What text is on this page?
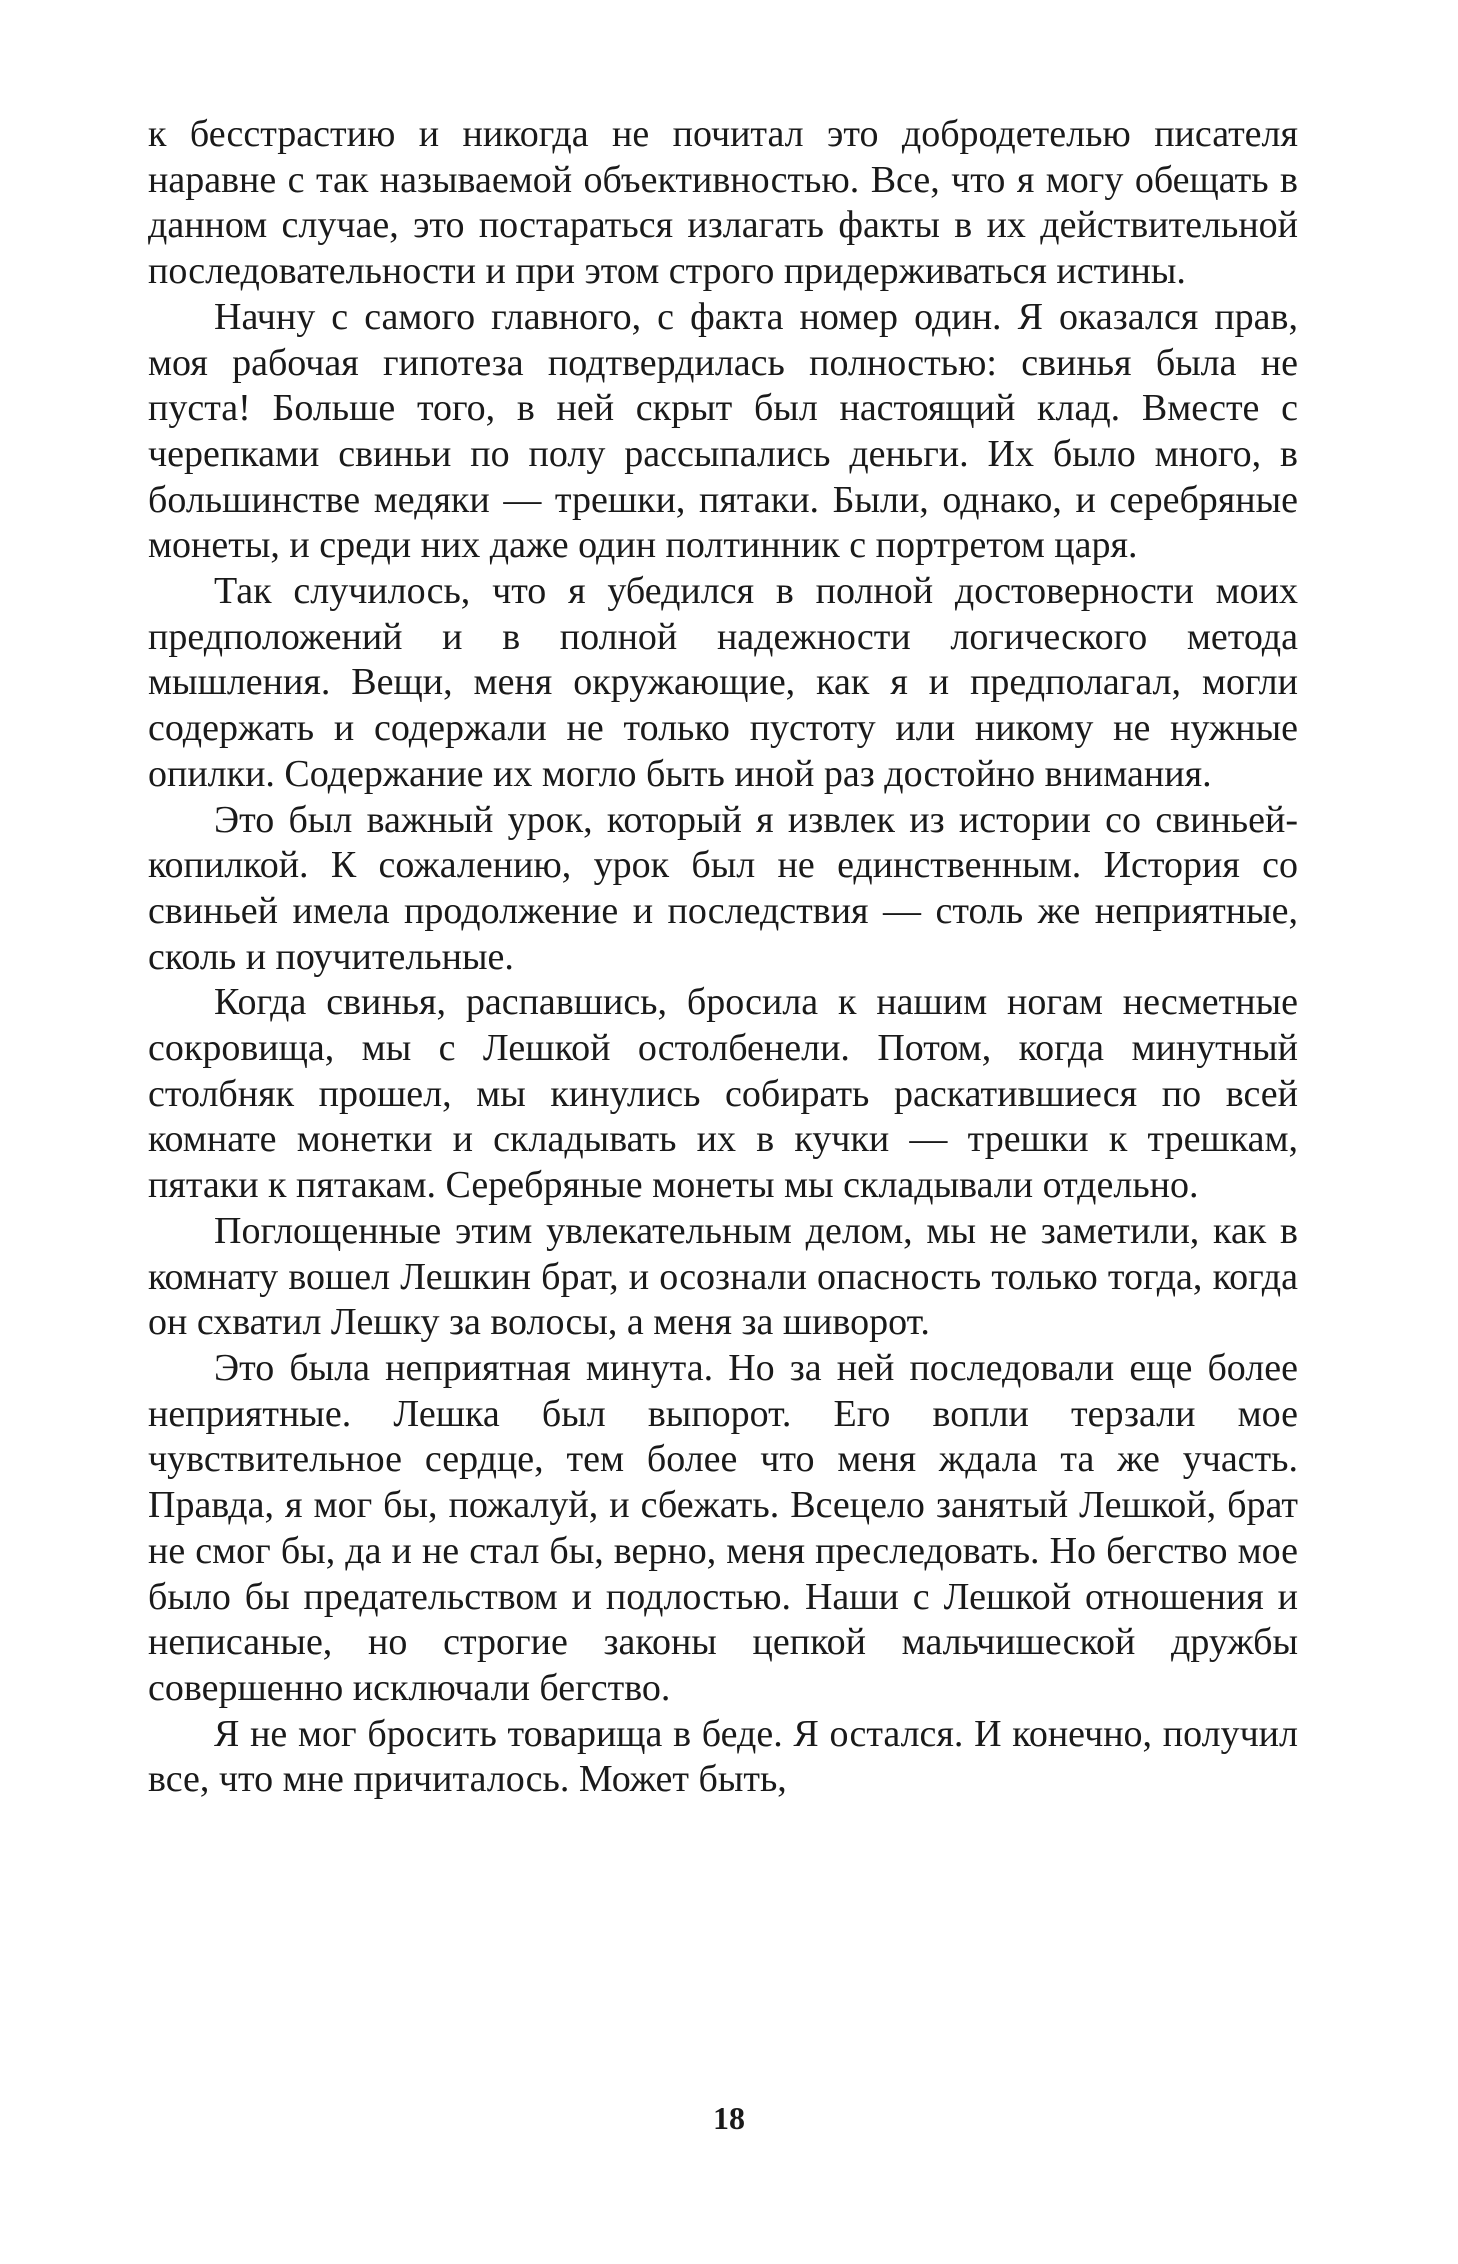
к бесстрастию и никогда не почитал это добродетелью писателя наравне с так называемой объективностью. Все, что я могу обещать в данном случае, это постараться излагать факты в их действительной последовательности и при этом строго придерживаться истины.

Начну с самого главного, с факта номер один. Я оказался прав, моя рабочая гипотеза подтвердилась полностью: свинья была не пуста! Больше того, в ней скрыт был настоящий клад. Вместе с черепками свиньи по полу рассыпались деньги. Их было много, в большинстве медяки — трешки, пятаки. Были, однако, и серебряные монеты, и среди них даже один полтинник с портретом царя.

Так случилось, что я убедился в полной достоверности моих предположений и в полной надежности логического метода мышления. Вещи, меня окружающие, как я и предполагал, могли содержать и содержали не только пустоту или никому не нужные опилки. Содержание их могло быть иной раз достойно внимания.

Это был важный урок, который я извлек из истории со свиньей-копилкой. К сожалению, урок был не единственным. История со свиньей имела продолжение и последствия — столь же неприятные, сколь и поучительные.

Когда свинья, распавшись, бросила к нашим ногам несметные сокровища, мы с Лешкой остолбенели. Потом, когда минутный столбняк прошел, мы кинулись собирать раскатившиеся по всей комнате монетки и складывать их в кучки — трешки к трешкам, пятаки к пятакам. Серебряные монеты мы складывали отдельно.

Поглощенные этим увлекательным делом, мы не заметили, как в комнату вошел Лешкин брат, и осознали опасность только тогда, когда он схватил Лешку за волосы, а меня за шиворот.

Это была неприятная минута. Но за ней последовали еще более неприятные. Лешка был выпорот. Его вопли терзали мое чувствительное сердце, тем более что меня ждала та же участь. Правда, я мог бы, пожалуй, и сбежать. Всецело занятый Лешкой, брат не смог бы, да и не стал бы, верно, меня преследовать. Но бегство мое было бы предательством и подлостью. Наши с Лешкой отношения и неписаные, но строгие законы цепкой мальчишеской дружбы совершенно исключали бегство.

Я не мог бросить товарища в беде. Я остался. И конечно, получил все, что мне причиталось. Может быть,

18
